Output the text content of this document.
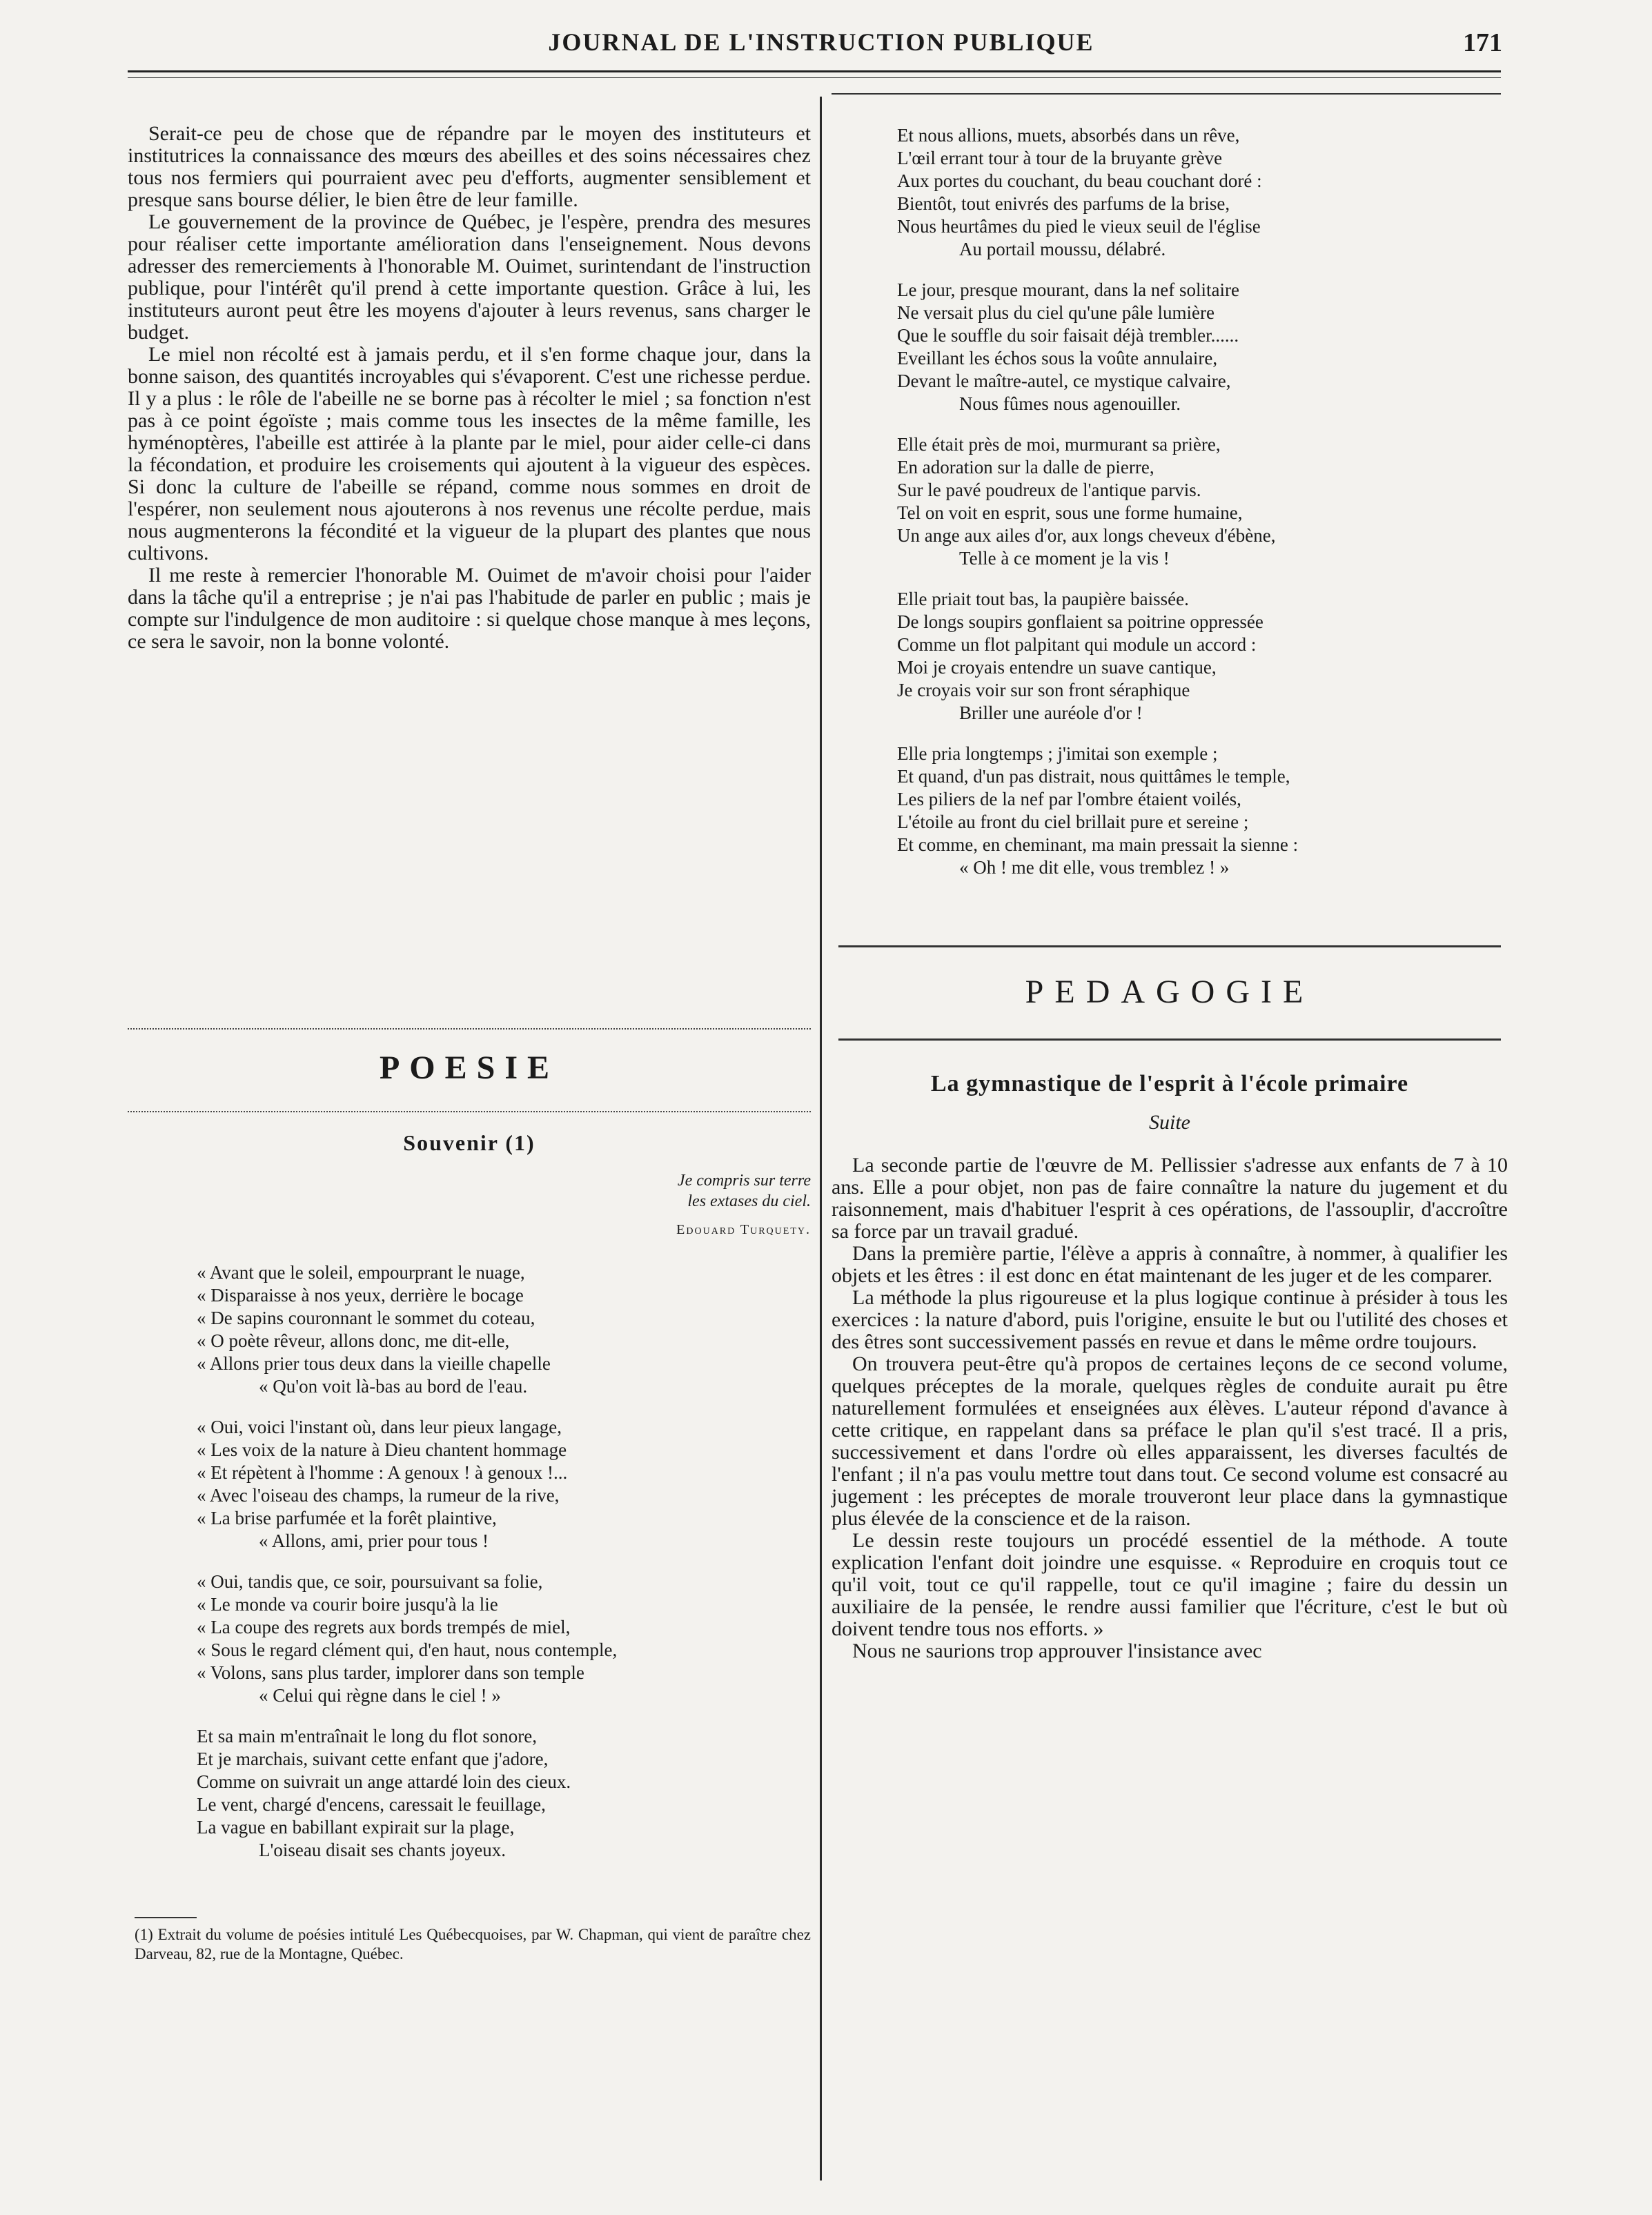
JOURNAL DE L'INSTRUCTION PUBLIQUE	171

Serait-ce peu de chose que de répandre par le moyen des instituteurs et institutrices la connaissance des mœurs des abeilles et des soins nécessaires chez tous nos fermiers qui pourraient avec peu d'efforts, augmenter sensiblement et presque sans bourse délier, le bien être de leur famille.

Le gouvernement de la province de Québec, je l'espère, prendra des mesures pour réaliser cette importante amélioration dans l'enseignement. Nous devons adresser des remerciements à l'honorable M. Ouimet, surintendant de l'instruction publique, pour l'intérêt qu'il prend à cette importante question. Grâce à lui, les instituteurs auront peut être les moyens d'ajouter à leurs revenus, sans charger le budget.

Le miel non récolté est à jamais perdu, et il s'en forme chaque jour, dans la bonne saison, des quantités incroyables qui s'évaporent. C'est une richesse perdue. Il y a plus : le rôle de l'abeille ne se borne pas à récolter le miel ; sa fonction n'est pas à ce point égoïste ; mais comme tous les insectes de la même famille, les hyménoptères, l'abeille est attirée à la plante par le miel, pour aider celle-ci dans la fécondation, et produire les croisements qui ajoutent à la vigueur des espèces. Si donc la culture de l'abeille se répand, comme nous sommes en droit de l'espérer, non seulement nous ajouterons à nos revenus une récolte perdue, mais nous augmenterons la fécondité et la vigueur de la plupart des plantes que nous cultivons.

Il me reste à remercier l'honorable M. Ouimet de m'avoir choisi pour l'aider dans la tâche qu'il a entreprise ; je n'ai pas l'habitude de parler en public ; mais je compte sur l'indulgence de mon auditoire : si quelque chose manque à mes leçons, ce sera le savoir, non la bonne volonté.

POESIE
Souvenir (1)
Je compris sur terre
les extases du ciel.
Edouard Turquety.
« Avant que le soleil, empourprant le nuage,
« Disparaisse à nos yeux, derrière le bocage
« De sapins couronnant le sommet du coteau,
« O poète rêveur, allons donc, me dit-elle,
« Allons prier tous deux dans la vieille chapelle
« Qu'on voit là-bas au bord de l'eau.
« Oui, voici l'instant où, dans leur pieux langage,
« Les voix de la nature à Dieu chantent hommage
« Et répètent à l'homme : A genoux ! à genoux !...
« Avec l'oiseau des champs, la rumeur de la rive,
« La brise parfumée et la forêt plaintive,
« Allons, ami, prier pour tous !
« Oui, tandis que, ce soir, poursuivant sa folie,
« Le monde va courir boire jusqu'à la lie
« La coupe des regrets aux bords trempés de miel,
« Sous le regard clément qui, d'en haut, nous contemple,
« Volons, sans plus tarder, implorer dans son temple
« Celui qui règne dans le ciel ! »
Et sa main m'entraînait le long du flot sonore,
Et je marchais, suivant cette enfant que j'adore,
Comme on suivrait un ange attardé loin des cieux.
Le vent, chargé d'encens, caressait le feuillage,
La vague en babillant expirait sur la plage,
L'oiseau disait ses chants joyeux.
(1) Extrait du volume de poésies intitulé Les Québecquoises, par W. Chapman, qui vient de paraître chez Darveau, 82, rue de la Montagne, Québec.
Et nous allions, muets, absorbés dans un rêve,
L'œil errant tour à tour de la bruyante grève
Aux portes du couchant, du beau couchant doré :
Bientôt, tout enivrés des parfums de la brise,
Nous heurtâmes du pied le vieux seuil de l'église
Au portail moussu, délabré.
Le jour, presque mourant, dans la nef solitaire
Ne versait plus du ciel qu'une pâle lumière
Que le souffle du soir faisait déjà trembler......
Eveillant les échos sous la voûte annulaire,
Devant le maître-autel, ce mystique calvaire,
Nous fûmes nous agenouiller.
Elle était près de moi, murmurant sa prière,
En adoration sur la dalle de pierre,
Sur le pavé poudreux de l'antique parvis.
Tel on voit en esprit, sous une forme humaine,
Un ange aux ailes d'or, aux longs cheveux d'ébène,
Telle à ce moment je la vis !
Elle priait tout bas, la paupière baissée.
De longs soupirs gonflaient sa poitrine oppressée
Comme un flot palpitant qui module un accord :
Moi je croyais entendre un suave cantique,
Je croyais voir sur son front séraphique
Briller une auréole d'or !
Elle pria longtemps ; j'imitai son exemple ;
Et quand, d'un pas distrait, nous quittâmes le temple,
Les piliers de la nef par l'ombre étaient voilés,
L'étoile au front du ciel brillait pure et sereine ;
Et comme, en cheminant, ma main pressait la sienne :
« Oh ! me dit elle, vous tremblez ! »
PEDAGOGIE
La gymnastique de l'esprit à l'école primaire
Suite

La seconde partie de l'œuvre de M. Pellissier s'adresse aux enfants de 7 à 10 ans. Elle a pour objet, non pas de faire connaître la nature du jugement et du raisonnement, mais d'habituer l'esprit à ces opérations, de l'assouplir, d'accroître sa force par un travail gradué.

Dans la première partie, l'élève a appris à connaître, à nommer, à qualifier les objets et les êtres : il est donc en état maintenant de les juger et de les comparer.

La méthode la plus rigoureuse et la plus logique continue à présider à tous les exercices : la nature d'abord, puis l'origine, ensuite le but ou l'utilité des choses et des êtres sont successivement passés en revue et dans le même ordre toujours.

On trouvera peut-être qu'à propos de certaines leçons de ce second volume, quelques préceptes de la morale, quelques règles de conduite aurait pu être naturellement formulées et enseignées aux élèves. L'auteur répond d'avance à cette critique, en rappelant dans sa préface le plan qu'il s'est tracé. Il a pris, successivement et dans l'ordre où elles apparaissent, les diverses facultés de l'enfant ; il n'a pas voulu mettre tout dans tout. Ce second volume est consacré au jugement : les préceptes de morale trouveront leur place dans la gymnastique plus élevée de la conscience et de la raison.

Le dessin reste toujours un procédé essentiel de la méthode. A toute explication l'enfant doit joindre une esquisse. « Reproduire en croquis tout ce qu'il voit, tout ce qu'il rappelle, tout ce qu'il imagine ; faire du dessin un auxiliaire de la pensée, le rendre aussi familier que l'écriture, c'est le but où doivent tendre tous nos efforts. »

Nous ne saurions trop approuver l'insistance avec
